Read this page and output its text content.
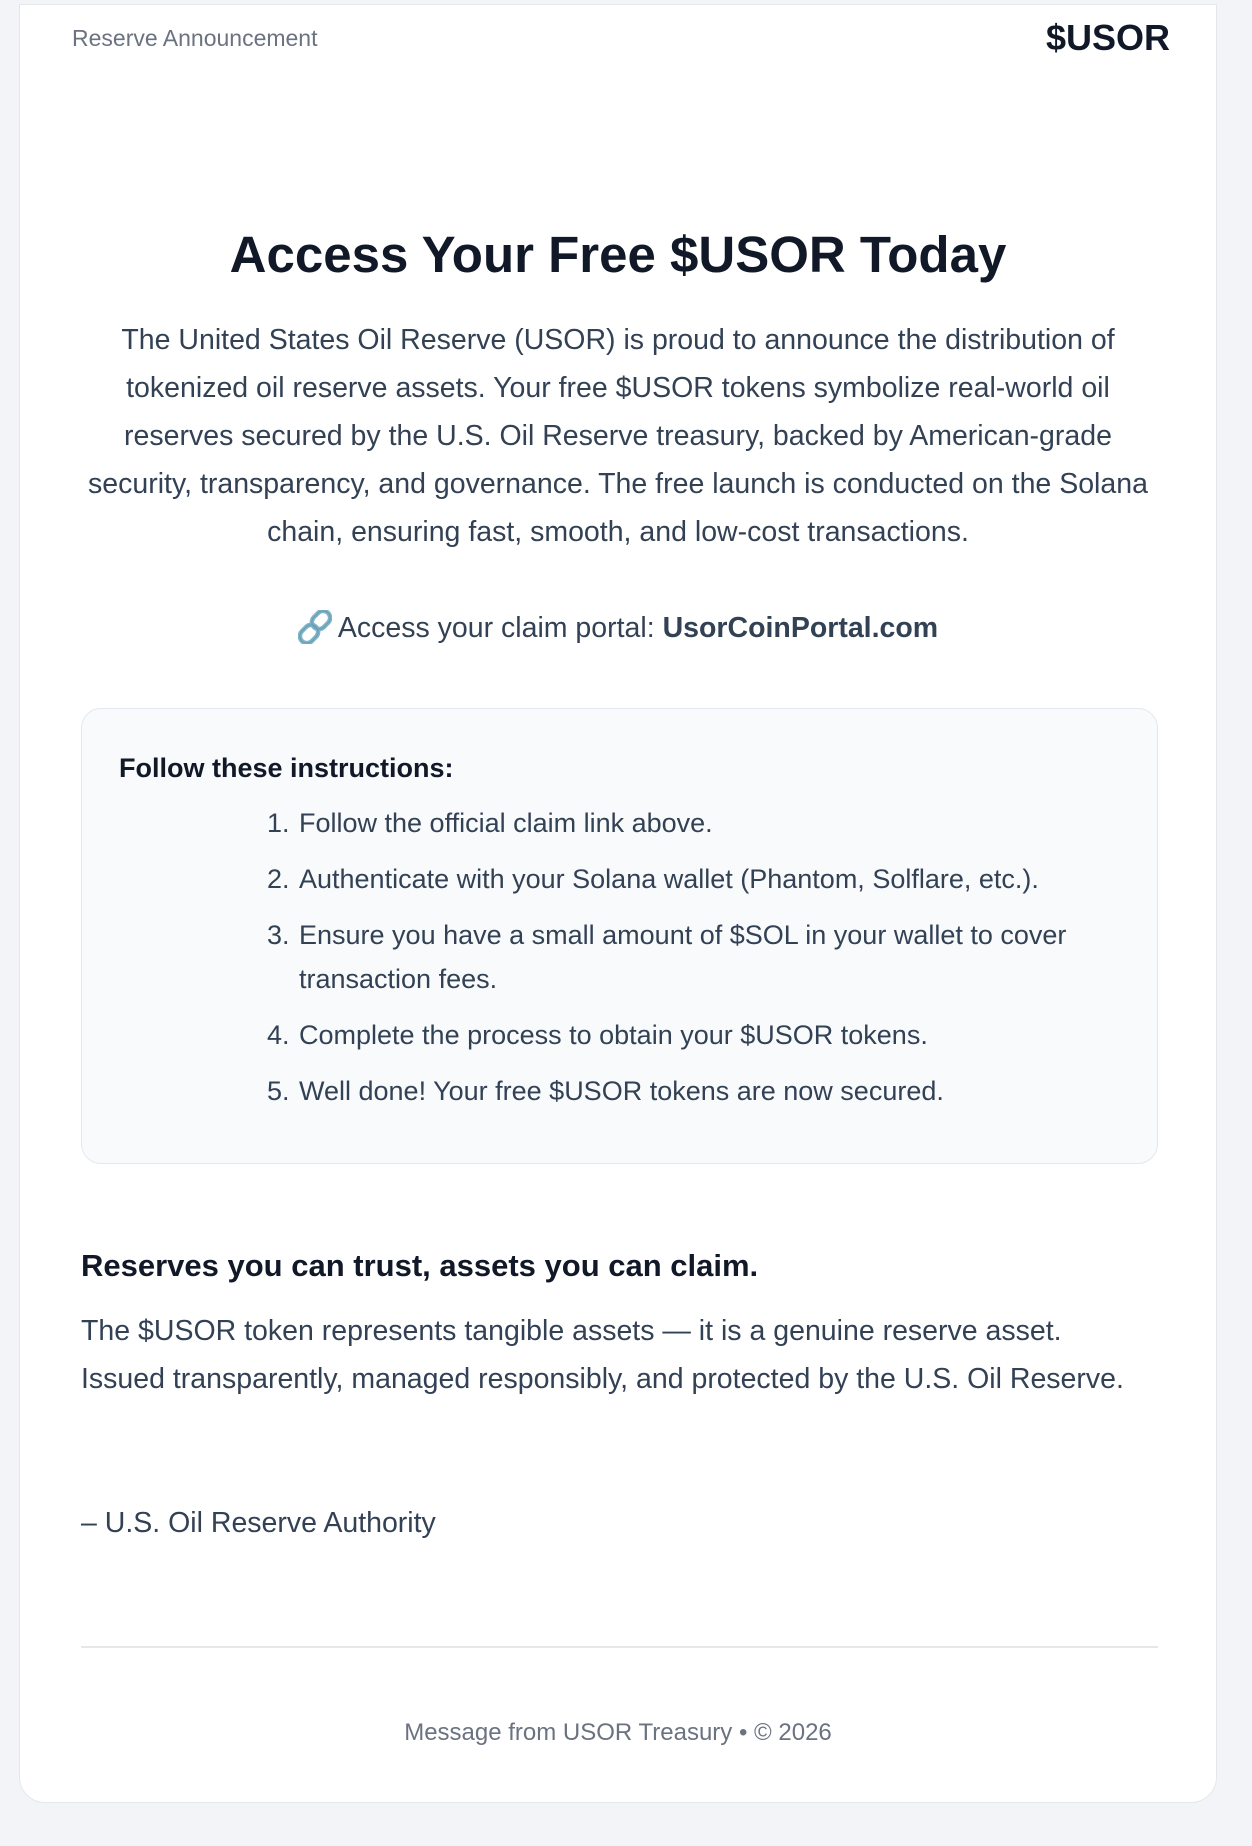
Reserve Announcement	$USOR
Access Your Free $USOR Today

The United States Oil Reserve (USOR) is proud to announce the distribution of tokenized oil reserve assets. Your free $USOR tokens symbolize real-world oil reserves secured by the U.S. Oil Reserve treasury, backed by American-grade security, transparency, and governance. The free launch is conducted on the Solana chain, ensuring fast, smooth, and low-cost transactions.

Access your claim portal: UsorCoinPortal.com
Follow these instructions:
1. Follow the official claim link above.
2. Authenticate with your Solana wallet (Phantom, Solflare, etc.).
3. Ensure you have a small amount of $SOL in your wallet to cover transaction fees.
4. Complete the process to obtain your $USOR tokens.
5. Well done! Your free $USOR tokens are now secured.
Reserves you can trust, assets you can claim.

The $USOR token represents tangible assets — it is a genuine reserve asset. Issued transparently, managed responsibly, and protected by the U.S. Oil Reserve.

– U.S. Oil Reserve Authority
Message from USOR Treasury • © 2026
